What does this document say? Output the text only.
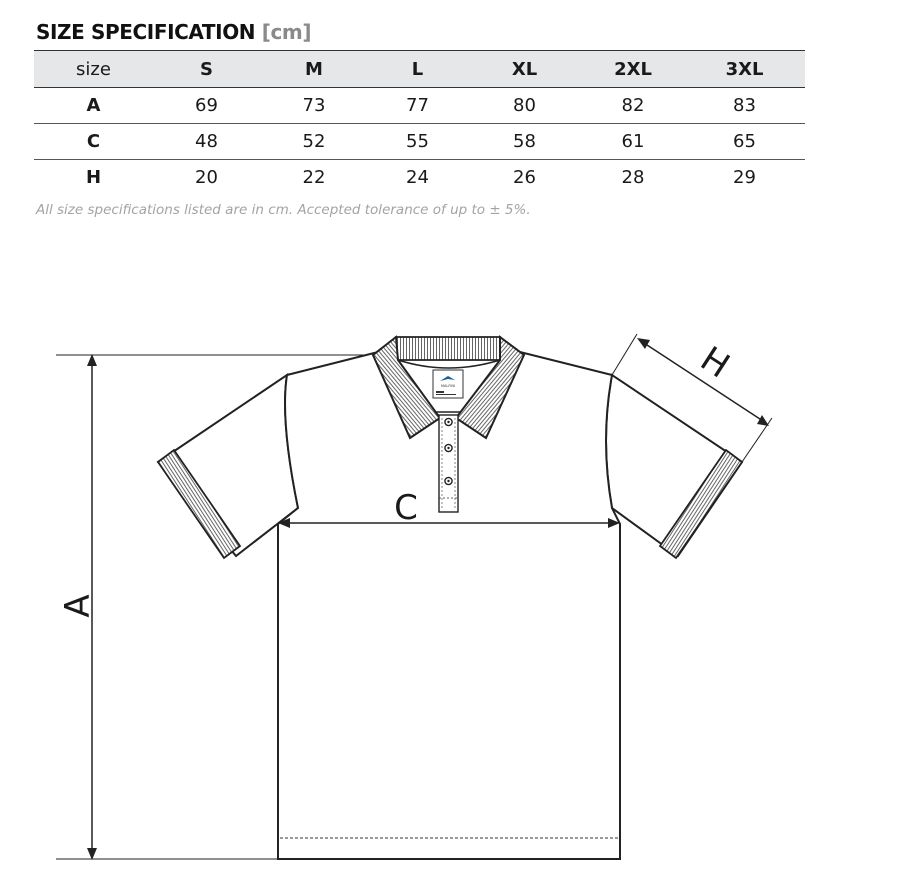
SIZE SPECIFICATION [cm]
size	S	M	L	XL	2XL	3XL
A	69	73	77	80	82	83
C	48	52	55	58	61	65
H	20	22	24	26	28	29
All size specifications listed are in cm. Accepted tolerance of up to ± 5%.
A
MALFINI
C
H
